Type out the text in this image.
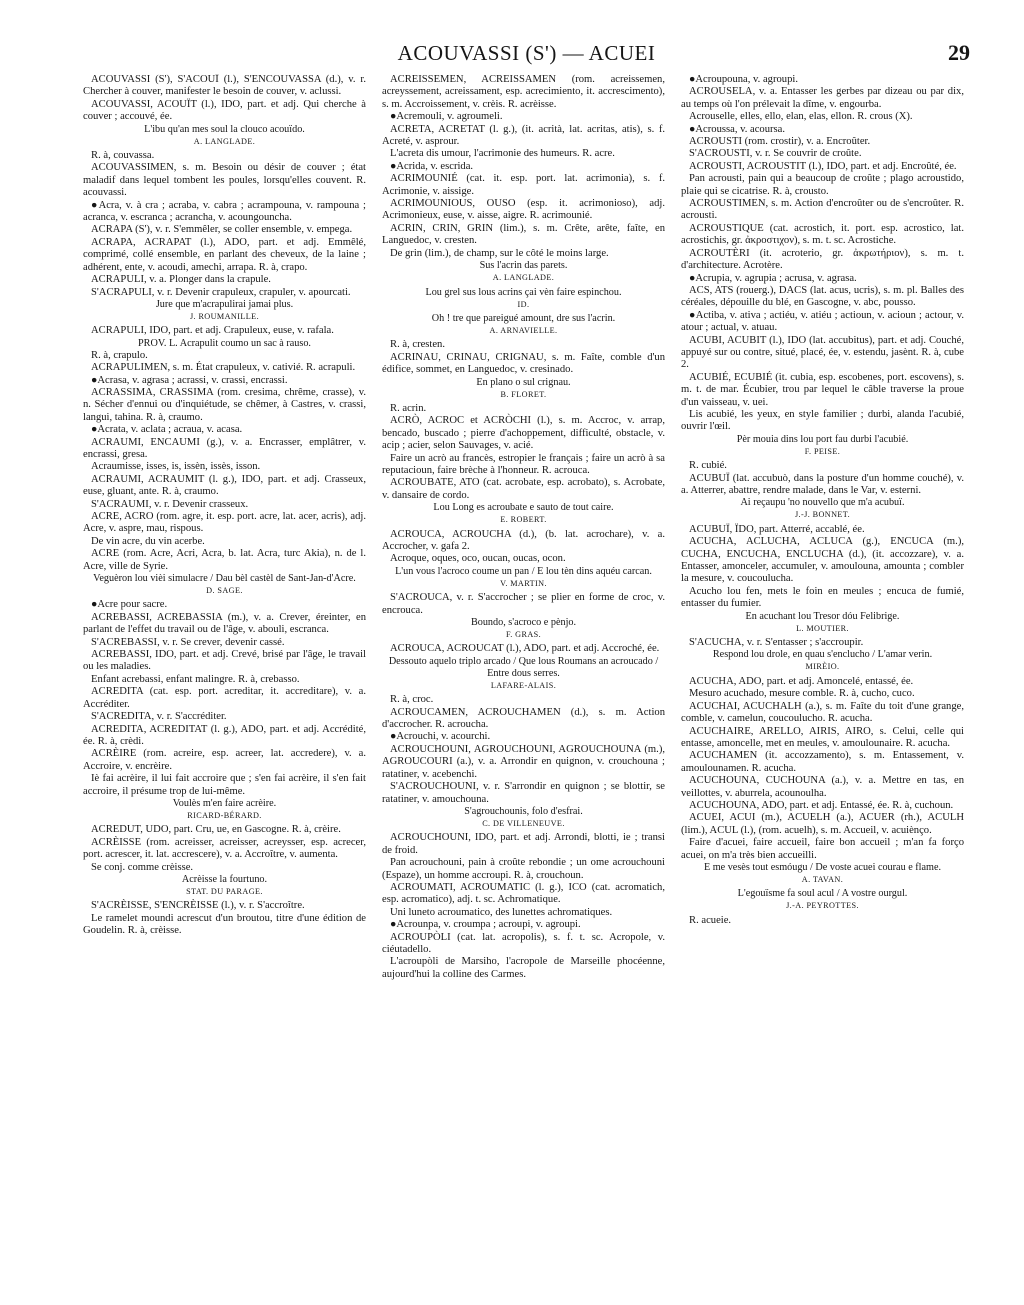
ACOUVASSI (S') — ACUEI	29

ACOUVASSI (S'), S'ACOUÏ (l.), S'ENCOUVASSA (d.), v. r. Chercher à couver, manifester le besoin de couver, v. aclussi.

ACOUVASSI, ACOUÏT (l.), IDO, part. et adj. Qui cherche à couver ; accouvé, ée.

L'ibu qu'an mes soul la clouco acouïdo.

A. LANGLADE.

R. à, couvassa.

ACOUVASSIMEN, s. m. Besoin ou désir de couver ; état maladif dans lequel tombent les poules, lorsqu'elles couvent. R. acouvassi.

●Acra, v. à cra ; acraba, v. cabra ; acrampouna, v. rampouna ; acranca, v. escranca ; acrancha, v. acoungouncha.

ACRAPA (S'), v. r. S'emmêler, se coller ensemble, v. empega.

ACRAPA, ACRAPAT (l.), ADO, part. et adj. Emmêlé, comprimé, collé ensemble, en parlant des cheveux, de la laine ; adhérent, ente, v. acoudi, amechi, arrapa. R. à, crapo.

ACRAPULI, v. a. Plonger dans la crapule.

S'ACRAPULI, v. r. Devenir crapuleux, crapuler, v. apourcati.

Jure que m'acrapulirai jamai plus.

J. ROUMANILLE.

ACRAPULI, IDO, part. et adj. Crapuleux, euse, v. rafala.

PROV. L. Acrapulit coumo un sac à rauso.

R. à, crapulo.

ACRAPULIMEN, s. m. État crapuleux, v. cativié. R. acrapuli.

●Acrasa, v. agrasa ; acrassi, v. crassi, encrassi.

ACRASSIMA, CRASSIMA (rom. cresima, chrême, crasse), v. n. Sécher d'ennui ou d'inquiétude, se chêmer, à Castres, v. crassi, langui, tahina. R. à, craumo.

●Acrata, v. aclata ; acraua, v. acasa.

ACRAUMI, ENCAUMI (g.), v. a. Encrasser, emplâtrer, v. encrassi, gresa.

Acraumisse, isses, is, issèn, issès, isson.

ACRAUMI, ACRAUMIT (l. g.), IDO, part. et adj. Crasseux, euse, gluant, ante. R. à, craumo.

S'ACRAUMI, v. r. Devenir crasseux.

ACRE, ACRO (rom. agre, it. esp. port. acre, lat. acer, acris), adj. Acre, v. aspre, mau, rispous.

De vin acre, du vin acerbe.

ACRE (rom. Acre, Acri, Acra, b. lat. Acra, turc Akia), n. de l. Acre, ville de Syrie.

Veguèron lou vièi simulacre / Dau bèl castèl de Sant-Jan-d'Acre.

D. SAGE.

●Acre pour sacre.

ACREBASSI, ACREBASSIA (m.), v. a. Crever, éreinter, en parlant de l'effet du travail ou de l'âge, v. abouli, escranca.

S'ACREBASSI, v. r. Se crever, devenir cassé.

ACREBASSI, IDO, part. et adj. Crevé, brisé par l'âge, le travail ou les maladies.

Enfant acrebassi, enfant malingre. R. à, crebasso.

ACREDITA (cat. esp. port. acreditar, it. accreditare), v. a. Accréditer.

S'ACREDITA, v. r. S'accréditer.

ACREDITA, ACREDITAT (l. g.), ADO, part. et adj. Accrédité, ée. R. à, crèdi.

ACRÈIRE (rom. acreire, esp. acreer, lat. accredere), v. a. Accroire, v. encrèire.

Iè fai acrèire, il lui fait accroire que ; s'en fai acrèire, il s'en fait accroire, il présume trop de lui-même.

Voulès m'en faire acrèire.

RICARD-BÉRARD.

ACREDUT, UDO, part. Cru, ue, en Gascogne. R. à, crèire.

ACRÈISSE (rom. acreisser, acreisser, acreysser, esp. acrecer, port. acrescer, it. lat. accrescere), v. a. Accroître, v. aumenta.

Se conj. comme crèisse.

Acrèisse la fourtuno.

STAT. DU PARAGE.

S'ACRÈISSE, S'ENCRÈISSE (l.), v. r. S'accroître.

Le ramelet moundi acrescut d'un broutou, titre d'une édition de Goudelin. R. à, crèisse.

ACREISSEMEN, ACREISSAMEN (rom. acreissemen, acreyssement, acreissament, esp. acrecimiento, it. accrescimento), s. m. Accroissement, v. crèis. R. acrèisse.

●Acremouli, v. agroumeli.

ACRETA, ACRETAT (l. g.), (it. acrità, lat. acritas, atis), s. f. Acreté, v. asprour.

L'acreta dis umour, l'acrimonie des humeurs. R. acre.

●Acrida, v. escrida.

ACRIMOUNIÉ (cat. it. esp. port. lat. acrimonia), s. f. Acrimonie, v. aissige.

ACRIMOUNIOUS, OUSO (esp. it. acrimonioso), adj. Acrimonieux, euse, v. aisse, aigre. R. acrimounié.

ACRIN, CRIN, GRIN (lim.), s. m. Crête, arête, faîte, en Languedoc, v. cresten.

De grin (lim.), de champ, sur le côté le moins large.

Sus l'acrin das parets.

A. LANGLADE.

Lou grel sus lous acrins çai vèn faire espinchou.

ID.

Oh ! tre que pareigué amount, dre sus l'acrin.

A. ARNAVIELLE.

R. à, cresten.

ACRINAU, CRINAU, CRIGNAU, s. m. Faîte, comble d'un édifice, sommet, en Languedoc, v. cresinado.

En plano o sul crignau.

B. FLORET.

R. acrin.

ACRÒ, ACROC et ACRÒCHI (l.), s. m. Accroc, v. arrap, bencado, buscado ; pierre d'achoppement, difficulté, obstacle, v. acip ; acier, selon Sauvages, v. acié.

Faire un acrò au francès, estropier le français ; faire un acrò à sa reputacioun, faire brèche à l'honneur. R. acrouca.

ACROUBATE, ATO (cat. acrobate, esp. acrobato), s. Acrobate, v. dansaire de cordo.

Lou Long es acroubate e sauto de tout caire.

E. ROBERT.

ACROUCA, ACROUCHA (d.), (b. lat. acrochare), v. a. Accrocher, v. gafa 2.

Acroque, oques, oco, oucan, oucas, ocon.

L'un vous l'acroco coume un pan / E lou tèn dins aquéu carcan.

V. MARTIN.

S'ACROUCA, v. r. S'accrocher ; se plier en forme de croc, v. encrouca.

Boundo, s'acroco e pènjo.

F. GRAS.

ACROUCA, ACROUCAT (l.), ADO, part. et adj. Accroché, ée.

Dessouto aquelo triplo arcado / Que lous Roumans an acroucado / Entre dous serres.

LAFARE-ALAIS.

R. à, croc.

ACROUCAMEN, ACROUCHAMEN (d.), s. m. Action d'accrocher. R. acroucha.

●Acrouchi, v. acourchi.

ACROUCHOUNI, AGROUCHOUNI, AGROUCHOUNA (m.), AGROUCOURI (a.), v. a. Arrondir en quignon, v. crouchouna ; ratatiner, v. acebenchi.

S'ACROUCHOUNI, v. r. S'arrondir en quignon ; se blottir, se ratatiner, v. amouchouna.

S'agrouchounis, folo d'esfrai.

C. DE VILLENEUVE.

ACROUCHOUNI, IDO, part. et adj. Arrondi, blotti, ie ; transi de froid.

Pan acrouchouni, pain à croûte rebondie ; un ome acrouchouni (Espaze), un homme accroupi. R. à, crouchoun.

ACROUMATI, ACROUMATIC (l. g.), ICO (cat. acromatich, esp. acromatico), adj. t. sc. Achromatique.

Uni luneto acroumatico, des lunettes achromatiques.

●Acrounpa, v. croumpa ; acroupi, v. agroupi.

ACROUPÒLI (cat. lat. acropolis), s. f. t. sc. Acropole, v. ciéutadello.

L'acroupòli de Marsiho, l'acropole de Marseille phocéenne, aujourd'hui la colline des Carmes.

●Acroupouna, v. agroupi.

ACROUSELA, v. a. Entasser les gerbes par dizeau ou par dix, au temps où l'on prélevait la dîme, v. engourba.

Acrouselle, elles, ello, elan, elas, ellon. R. crous (X).

●Acroussa, v. acoursa.

ACROUSTI (rom. crostir), v. a. Encroûter.

S'ACROUSTI, v. r. Se couvrir de croûte.

ACROUSTI, ACROUSTIT (l.), IDO, part. et adj. Encroûté, ée.

Pan acrousti, pain qui a beaucoup de croûte ; plago acroustido, plaie qui se cicatrise. R. à, crousto.

ACROUSTIMEN, s. m. Action d'encroûter ou de s'encroûter. R. acrousti.

ACROUSTIQUE (cat. acrostich, it. port. esp. acrostico, lat. acrostichis, gr. ἀκροστιχον), s. m. t. sc. Acrostiche.

ACROUTÈRI (it. acroterio, gr. ἀκρωτήριον), s. m. t. d'architecture. Acrotère.

●Acrupia, v. agrupia ; acrusa, v. agrasa.

ACS, ATS (rouerg.), DACS (lat. acus, ucris), s. m. pl. Balles des céréales, dépouille du blé, en Gascogne, v. abc, pousso.

●Actiba, v. ativa ; actiéu, v. atiéu ; actioun, v. acioun ; actour, v. atour ; actual, v. atuau.

ACUBI, ACUBIT (l.), IDO (lat. accubitus), part. et adj. Couché, appuyé sur ou contre, situé, placé, ée, v. estendu, jasènt. R. à, cube 2.

ACUBIÉ, ECUBIÉ (it. cubia, esp. escobenes, port. escovens), s. m. t. de mar. Écubier, trou par lequel le câble traverse la proue d'un vaisseau, v. uei.

Lis acubié, les yeux, en style familier ; durbi, alanda l'acubié, ouvrir l'œil.

Pèr mouia dins lou port fau durbi l'acubié.

F. PEISE.

R. cubié.

ACUBUÏ (lat. accubuò, dans la posture d'un homme couché), v. a. Atterrer, abattre, rendre malade, dans le Var, v. esterni.

Ai reçaupu 'no nouvello que m'a acubuï.

J.-J. BONNET.

ACUBUÏ, ÏDO, part. Atterré, accablé, ée.

ACUCHA, ACLUCHA, ACLUCA (g.), ENCUCA (m.), CUCHA, ENCUCHA, ENCLUCHA (d.), (it. accozzare), v. a. Entasser, amonceler, accumuler, v. amoulouna, amounta ; combler la mesure, v. coucoulucha.

Acucho lou fen, mets le foin en meules ; encuca de fumié, entasser du fumier.

En acuchant lou Tresor dóu Felibrige.

L. MOUTIER.

S'ACUCHA, v. r. S'entasser ; s'accroupir.

Respond lou drole, en quau s'enclucho / L'amar verin.

MIRÈIO.

ACUCHA, ADO, part. et adj. Amoncelé, entassé, ée.

Mesuro acuchado, mesure comble. R. à, cucho, cuco.

ACUCHAI, ACUCHALH (a.), s. m. Faîte du toit d'une grange, comble, v. camelun, coucoulucho. R. acucha.

ACUCHAIRE, ARELLO, AIRIS, AIRO, s. Celui, celle qui entasse, amoncelle, met en meules, v. amoulounaire. R. acucha.

ACUCHAMEN (it. accozzamento), s. m. Entassement, v. amoulounamen. R. acucha.

ACUCHOUNA, CUCHOUNA (a.), v. a. Mettre en tas, en veillottes, v. aburrela, acounoulha.

ACUCHOUNA, ADO, part. et adj. Entassé, ée. R. à, cuchoun.

ACUEI, ACUI (m.), ACUELH (a.), ACUER (rh.), ACULH (lim.), ACUL (l.), (rom. acuelh), s. m. Accueil, v. acuiènço.

Faire d'acuei, faire accueil, faire bon accueil ; m'an fa forço acuei, on m'a très bien accueilli.

E me vesès tout esmóugu / De voste acuei courau e flame.

A. TAVAN.

L'egouïsme fa soul acul / A vostre ourgul.

J.-A. PEYROTTES.

R. acueie.
